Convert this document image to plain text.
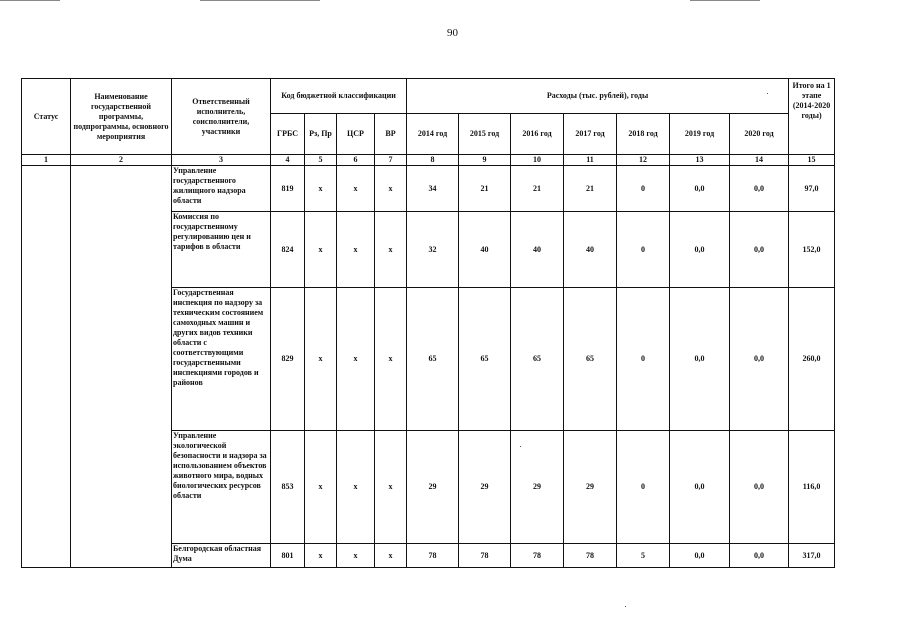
90
Статус	Наименование государственной программы, подпрограммы, основного мероприятия	Ответственный исполнитель, соисполнители, участники	Код бюджетной классификации				Расходы (тыс. рублей), годы							Итого на 1 этапе (2014-2020 годы)
			ГРБС	Рз, Пр	ЦСР	ВР	2014 год	2015 год	2016 год	2017 год	2018 год	2019 год	2020 год	
1	2	3	4	5	6	7	8	9	10	11	12	13	14	15
		Управление государственного жилищного надзора области	819	х	х	х	34	21	21	21	0	0,0	0,0	97,0
		Комиссия по государственному регулированию цен и тарифов в области	824	х	х	х	32	40	40	40	0	0,0	0,0	152,0
		Государственная инспекция по надзору за техническим состоянием самоходных машин и других видов техники области с соответствующими государственными инспекциями городов и районов	829	х	х	х	65	65	65	65	0	0,0	0,0	260,0
		Управление экологической безопасности и надзора за использованием объектов животного мира, водных биологических ресурсов области	853	х	х	х	29	29	29	29	0	0,0	0,0	116,0
		Белгородская областная Дума	801	х	х	х	78	78	78	78	5	0,0	0,0	317,0
